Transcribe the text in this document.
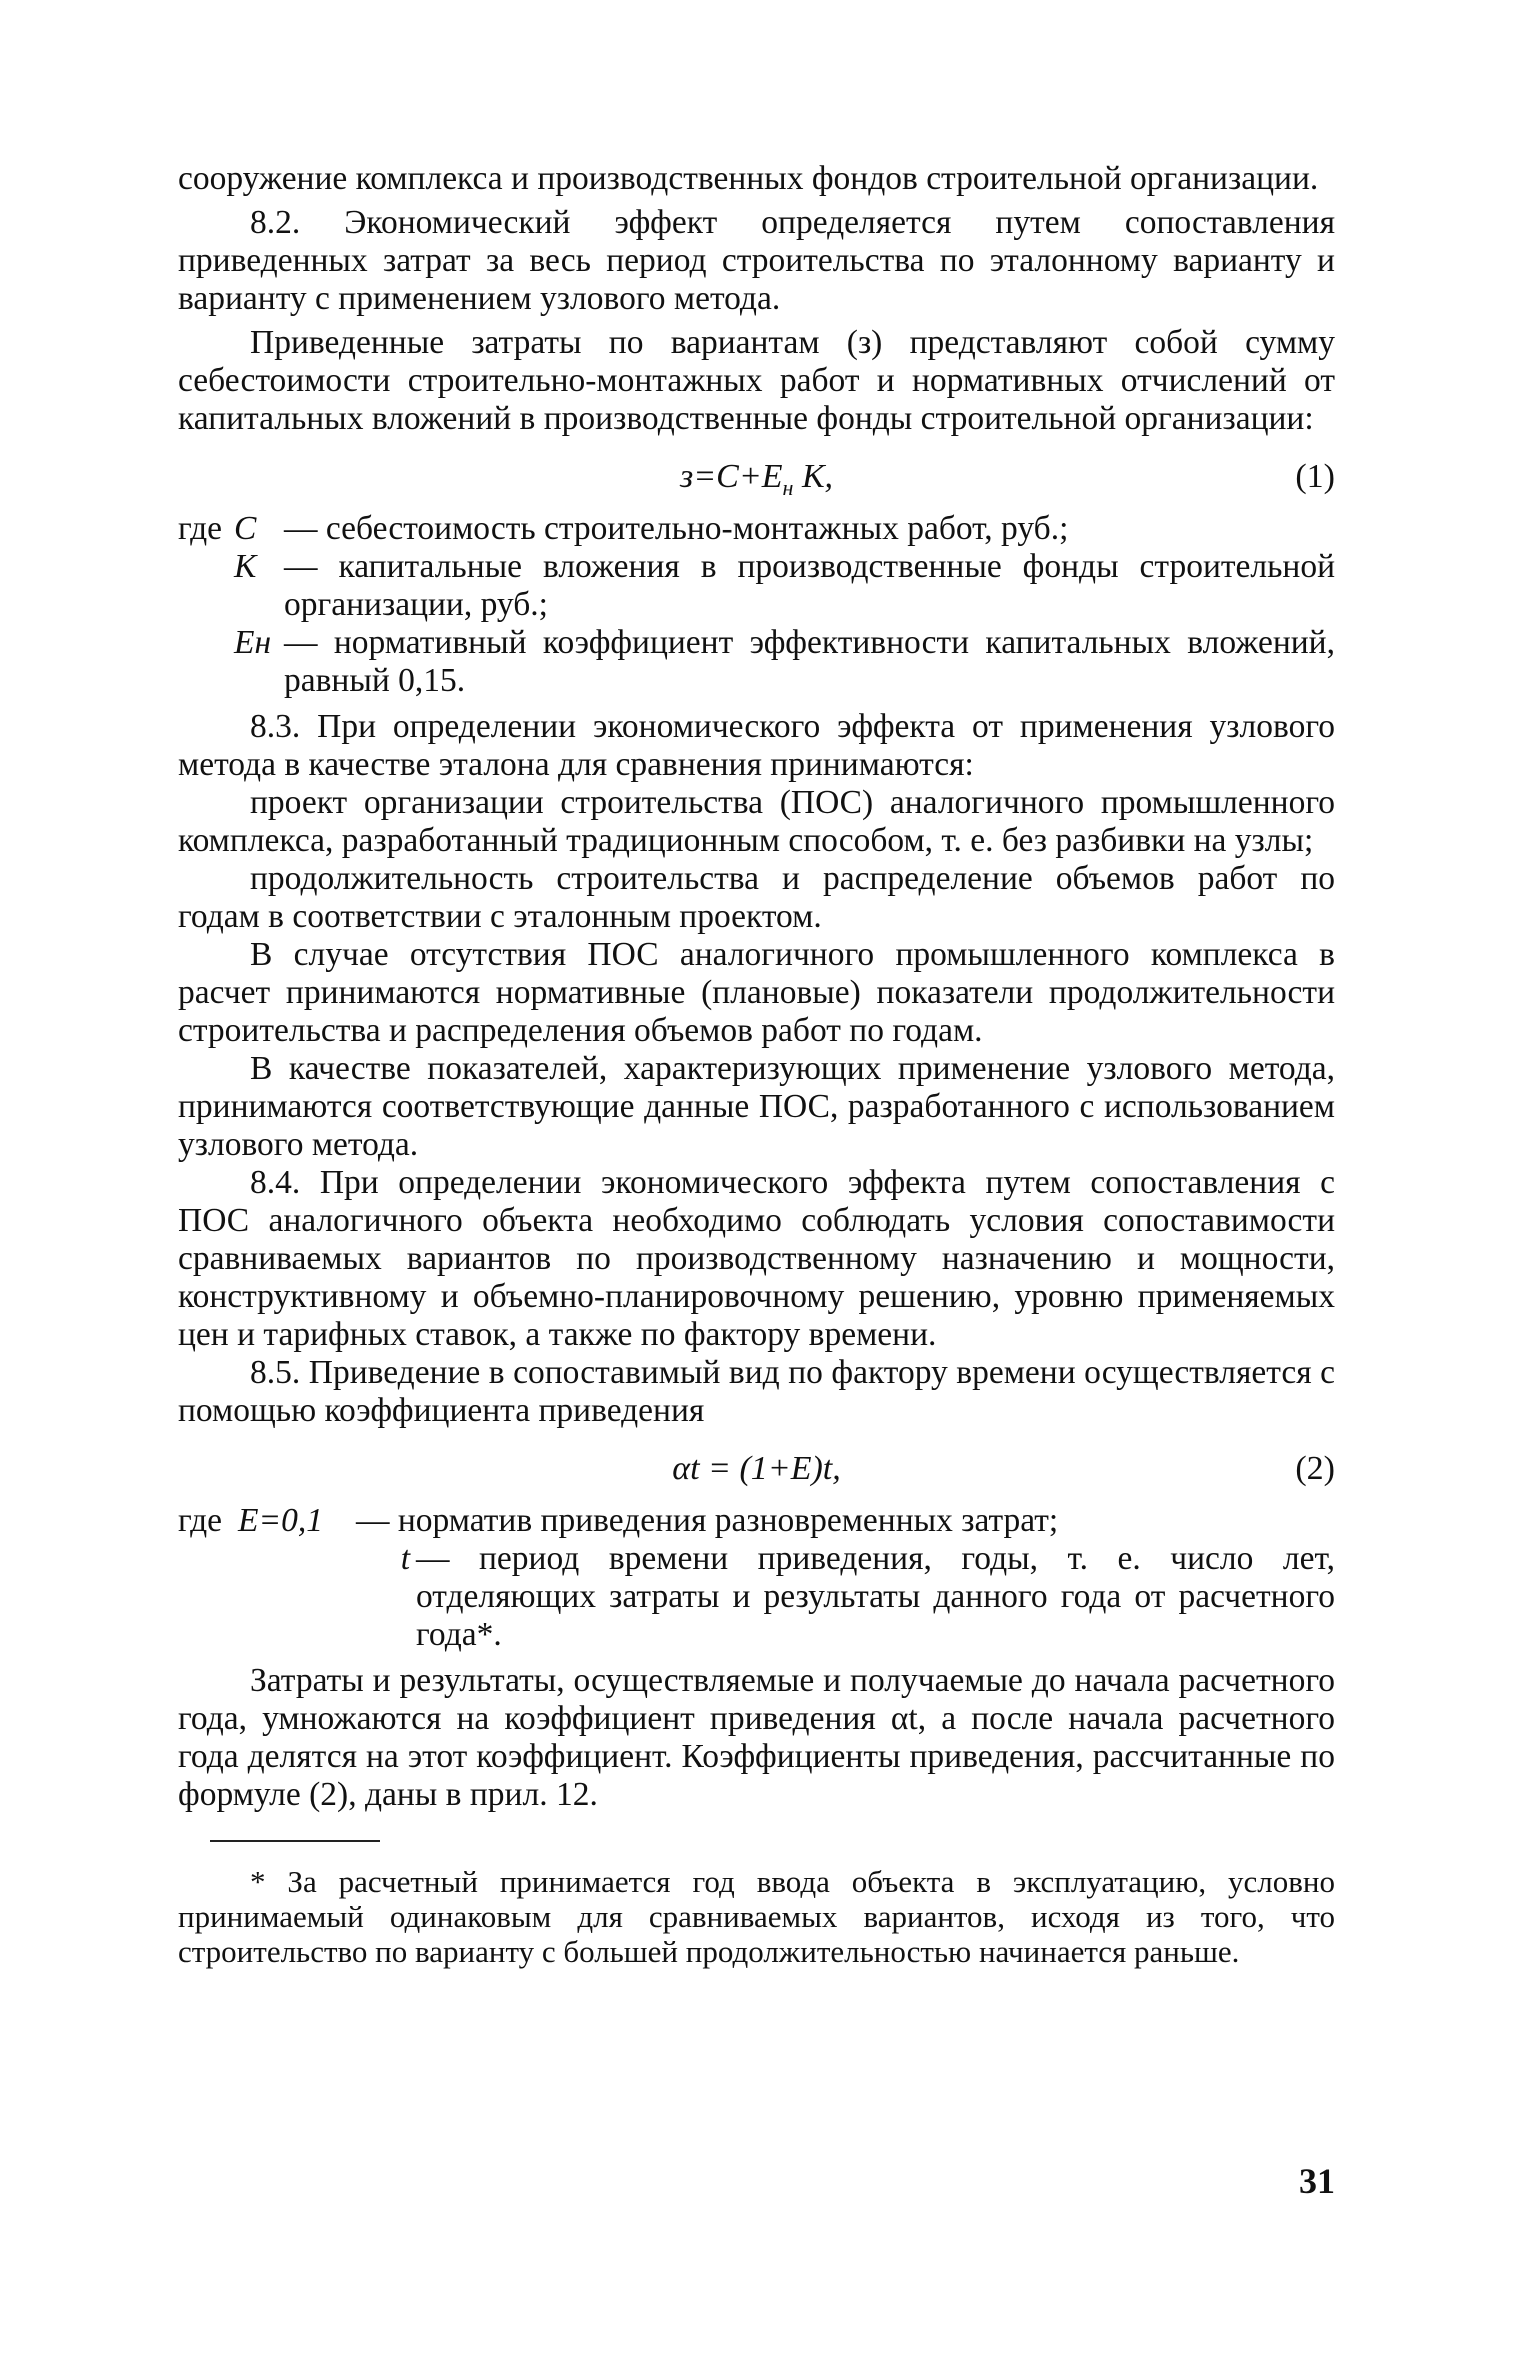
сооружение комплекса и производственных фондов строительной организации.

8.2. Экономический эффект определяется путем сопоставления приведенных затрат за весь период строительства по эталонному варианту и варианту с применением узлового метода.

Приведенные затраты по вариантам (з) представляют собой сумму себестоимости строительно-монтажных работ и нормативных отчислений от капитальных вложений в производственные фонды строительной организации:

$з=С+Е_н$ К,	(1)
где С — себестоимость строительно-монтажных работ, руб.;
К — капитальные вложения в производственные фонды строительной организации, руб.;
Ен — нормативный коэффициент эффективности капитальных вложений, равный 0,15.

8.3. При определении экономического эффекта от применения узлового метода в качестве эталона для сравнения принимаются:

проект организации строительства (ПОС) аналогичного промышленного комплекса, разработанный традиционным способом, т. е. без разбивки на узлы;

продолжительность строительства и распределение объемов работ по годам в соответствии с эталонным проектом.

В случае отсутствия ПОС аналогичного промышленного комплекса в расчет принимаются нормативные (плановые) показатели продолжительности строительства и распределения объемов работ по годам.

В качестве показателей, характеризующих применение узлового метода, принимаются соответствующие данные ПОС, разработанного с использованием узлового метода.

8.4. При определении экономического эффекта путем сопоставления с ПОС аналогичного объекта необходимо соблюдать условия сопоставимости сравниваемых вариантов по производственному назначению и мощности, конструктивному и объемно-планировочному решению, уровню применяемых цен и тарифных ставок, а также по фактору времени.

8.5. Приведение в сопоставимый вид по фактору времени осуществляется с помощью коэффициента приведения

αt = (1+E)t,	(2)
где E=0,1 — норматив приведения разновременных затрат;
t — период времени приведения, годы, т. е. число лет, отделяющих затраты и результаты данного года от расчетного года*.

Затраты и результаты, осуществляемые и получаемые до начала расчетного года, умножаются на коэффициент приведения αt, а после начала расчетного года делятся на этот коэффициент. Коэффициенты приведения, рассчитанные по формуле (2), даны в прил. 12.

* За расчетный принимается год ввода объекта в эксплуатацию, условно принимаемый одинаковым для сравниваемых вариантов, исходя из того, что строительство по варианту с большей продолжительностью начинается раньше.

31
